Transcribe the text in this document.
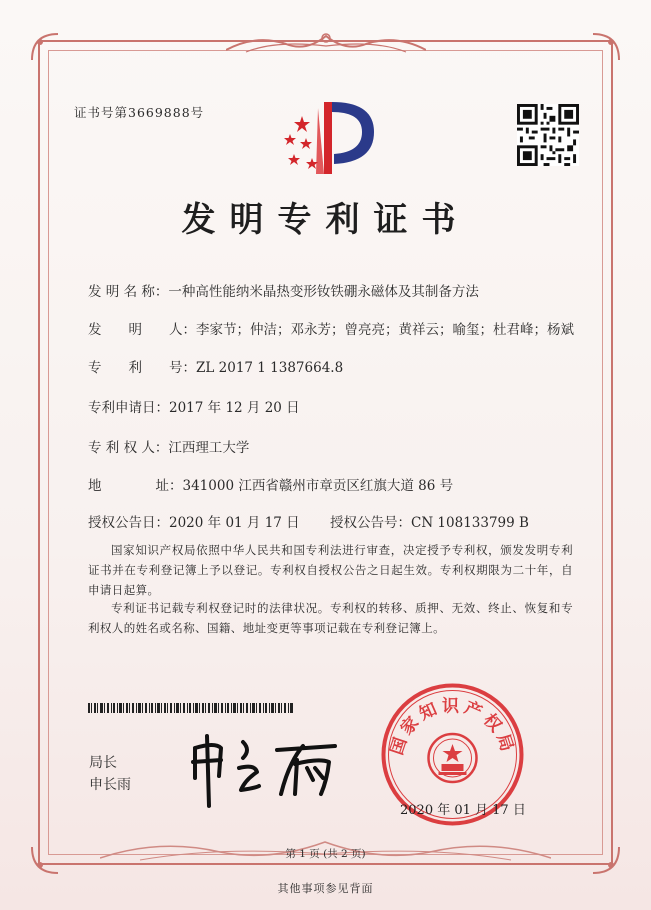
证书号第3669888号
发明专利证书
发 明 名 称：一种高性能纳米晶热变形钕铁硼永磁体及其制备方法
发　　明　　人：李家节；仲洁；邓永芳；曾亮亮；黄祥云；喻玺；杜君峰；杨斌
专　　利　　号：ZL 2017 1 1387664.8
专利申请日：2017 年 12 月 20 日
专 利 权 人：江西理工大学
地　　　　址：341000 江西省赣州市章贡区红旗大道 86 号
授权公告日：2020 年 01 月 17 日 授权公告号：CN 108133799 B
国家知识产权局依照中华人民共和国专利法进行审查，决定授予专利权，颁发发明专利证书并在专利登记簿上予以登记。专利权自授权公告之日起生效。专利权期限为二十年，自申请日起算。
专利证书记载专利权登记时的法律状况。专利权的转移、质押、无效、终止、恢复和专利权人的姓名或名称、国籍、地址变更等事项记载在专利登记簿上。
局长
申长雨
国家知识产权局
2020 年 01 月 17 日
第 1 页 (共 2 页)
其他事项参见背面
